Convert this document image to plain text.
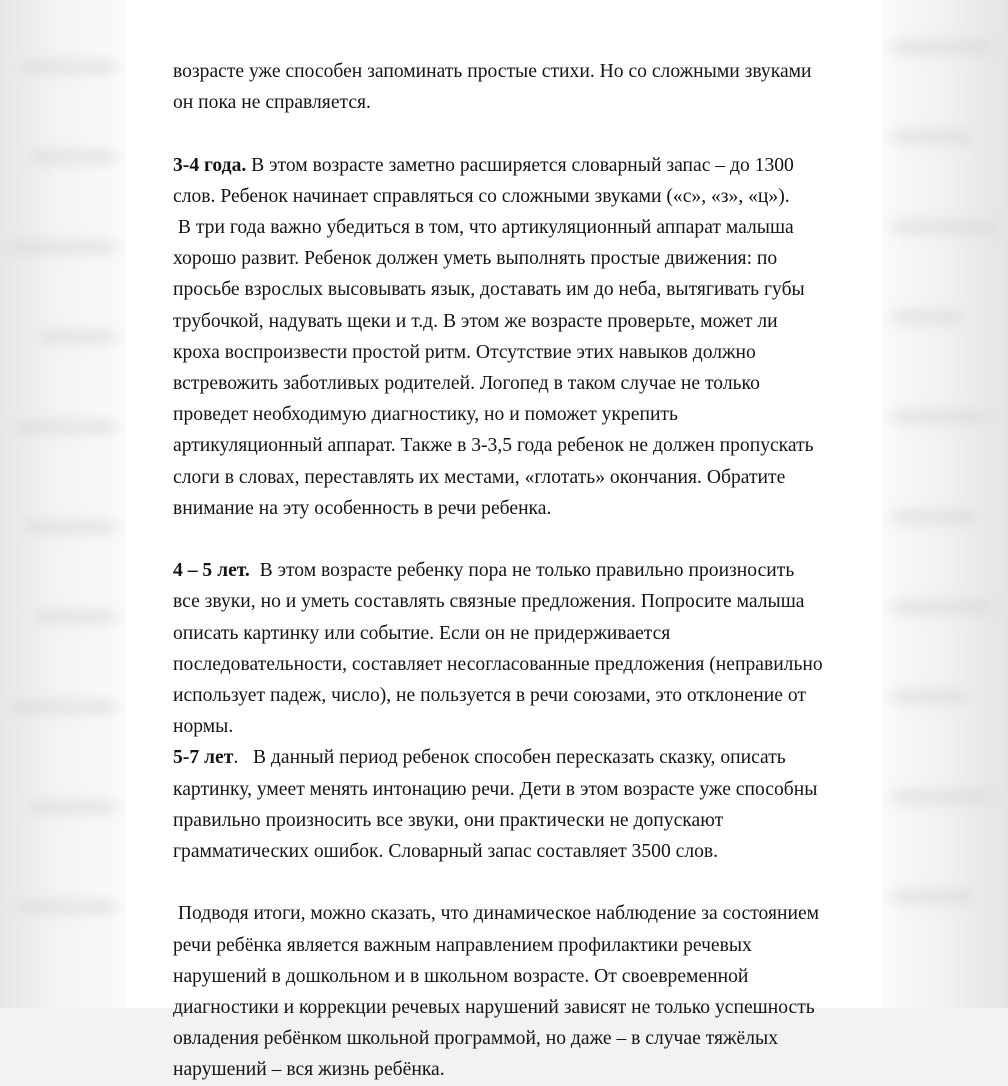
возрасте уже способен запоминать простые стихи. Но со сложными звуками
он пока не справляется.

3-4 года. В этом возрасте заметно расширяется словарный запас – до 1300
слов. Ребенок начинает справляться со сложными звуками («с», «з», «ц»).
В три года важно убедиться в том, что артикуляционный аппарат малыша
хорошо развит. Ребенок должен уметь выполнять простые движения: по
просьбе взрослых высовывать язык, доставать им до неба, вытягивать губы
трубочкой, надувать щеки и т.д. В этом же возрасте проверьте, может ли
кроха воспроизвести простой ритм. Отсутствие этих навыков должно
встревожить заботливых родителей. Логопед в таком случае не только
проведет необходимую диагностику, но и поможет укрепить
артикуляционный аппарат. Также в 3-3,5 года ребенок не должен пропускать
слоги в словах, переставлять их местами, «глотать» окончания. Обратите
внимание на эту особенность в речи ребенка.

4 – 5 лет.  В этом возрасте ребенку пора не только правильно произносить
все звуки, но и уметь составлять связные предложения. Попросите малыша
описать картинку или событие. Если он не придерживается
последовательности, составляет несогласованные предложения (неправильно
использует падеж, число), не пользуется в речи союзами, это отклонение от
нормы.

5-7 лет.   В данный период ребенок способен пересказать сказку, описать
картинку, умеет менять интонацию речи. Дети в этом возрасте уже способны
правильно произносить все звуки, они практически не допускают
грамматических ошибок. Словарный запас составляет 3500 слов.

Подводя итоги, можно сказать, что динамическое наблюдение за состоянием
речи ребёнка является важным направлением профилактики речевых
нарушений в дошкольном и в школьном возрасте. От своевременной
диагностики и коррекции речевых нарушений зависят не только успешность
овладения ребёнком школьной программой, но даже – в случае тяжёлых
нарушений – вся жизнь ребёнка.
